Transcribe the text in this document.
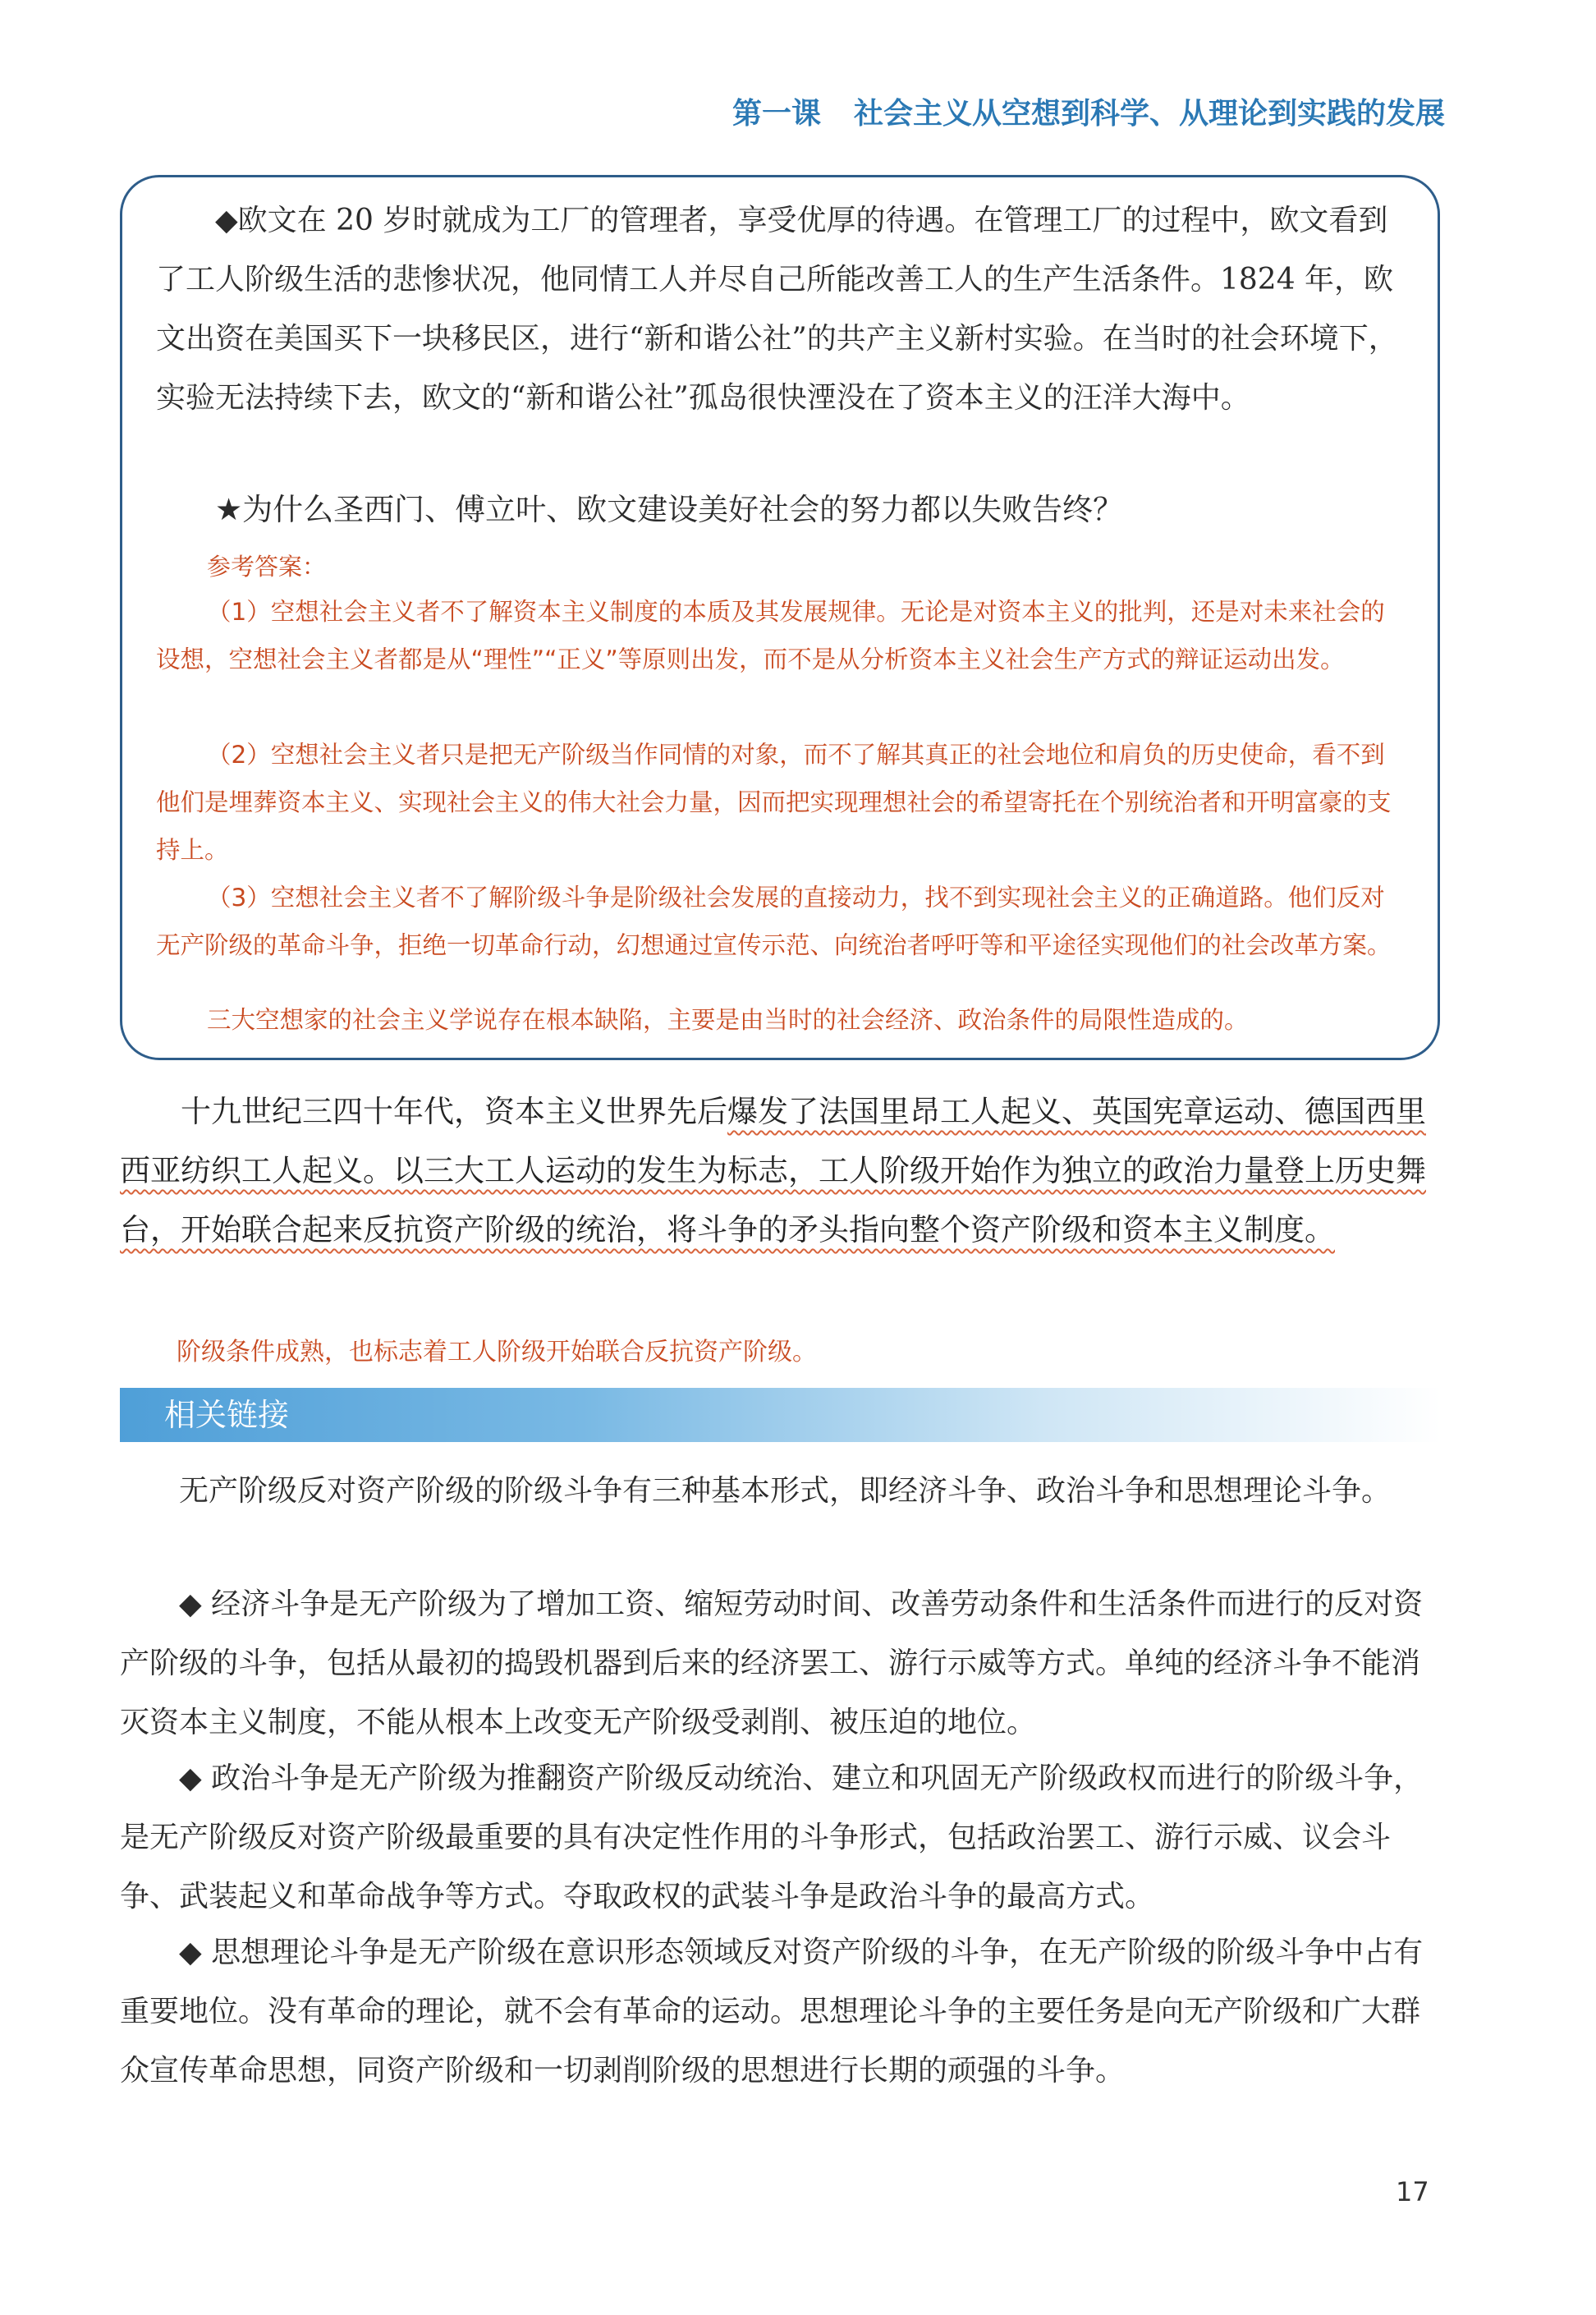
第一课 社会主义从空想到科学、从理论到实践的发展
◆欧文在 20 岁时就成为工厂的管理者，享受优厚的待遇。在管理工厂的过程中，欧文看到了工人阶级生活的悲惨状况，他同情工人并尽自己所能改善工人的生产生活条件。1824 年，欧文出资在美国买下一块移民区，进行“新和谐公社”的共产主义新村实验。在当时的社会环境下，实验无法持续下去，欧文的“新和谐公社”孤岛很快湮没在了资本主义的汪洋大海中。
★为什么圣西门、傅立叶、欧文建设美好社会的努力都以失败告终？
参考答案：
（1）空想社会主义者不了解资本主义制度的本质及其发展规律。无论是对资本主义的批判，还是对未来社会的设想，空想社会主义者都是从“理性”“正义”等原则出发，而不是从分析资本主义社会生产方式的辩证运动出发。
（2）空想社会主义者只是把无产阶级当作同情的对象，而不了解其真正的社会地位和肩负的历史使命，看不到他们是埋葬资本主义、实现社会主义的伟大社会力量，因而把实现理想社会的希望寄托在个别统治者和开明富豪的支持上。
（3）空想社会主义者不了解阶级斗争是阶级社会发展的直接动力，找不到实现社会主义的正确道路。他们反对无产阶级的革命斗争，拒绝一切革命行动，幻想通过宣传示范、向统治者呼吁等和平途径实现他们的社会改革方案。
三大空想家的社会主义学说存在根本缺陷，主要是由当时的社会经济、政治条件的局限性造成的。
十九世纪三四十年代，资本主义世界先后爆发了法国里昂工人起义、英国宪章运动、德国西里西亚纺织工人起义。以三大工人运动的发生为标志，工人阶级开始作为独立的政治力量登上历史舞台，开始联合起来反抗资产阶级的统治，将斗争的矛头指向整个资产阶级和资本主义制度。
阶级条件成熟，也标志着工人阶级开始联合反抗资产阶级。
相关链接
无产阶级反对资产阶级的阶级斗争有三种基本形式，即经济斗争、政治斗争和思想理论斗争。
◆ 经济斗争是无产阶级为了增加工资、缩短劳动时间、改善劳动条件和生活条件而进行的反对资产阶级的斗争，包括从最初的捣毁机器到后来的经济罢工、游行示威等方式。单纯的经济斗争不能消灭资本主义制度，不能从根本上改变无产阶级受剥削、被压迫的地位。
◆ 政治斗争是无产阶级为推翻资产阶级反动统治、建立和巩固无产阶级政权而进行的阶级斗争，是无产阶级反对资产阶级最重要的具有决定性作用的斗争形式，包括政治罢工、游行示威、议会斗争、武装起义和革命战争等方式。夺取政权的武装斗争是政治斗争的最高方式。
◆ 思想理论斗争是无产阶级在意识形态领域反对资产阶级的斗争，在无产阶级的阶级斗争中占有重要地位。没有革命的理论，就不会有革命的运动。思想理论斗争的主要任务是向无产阶级和广大群众宣传革命思想，同资产阶级和一切剥削阶级的思想进行长期的顽强的斗争。
17
